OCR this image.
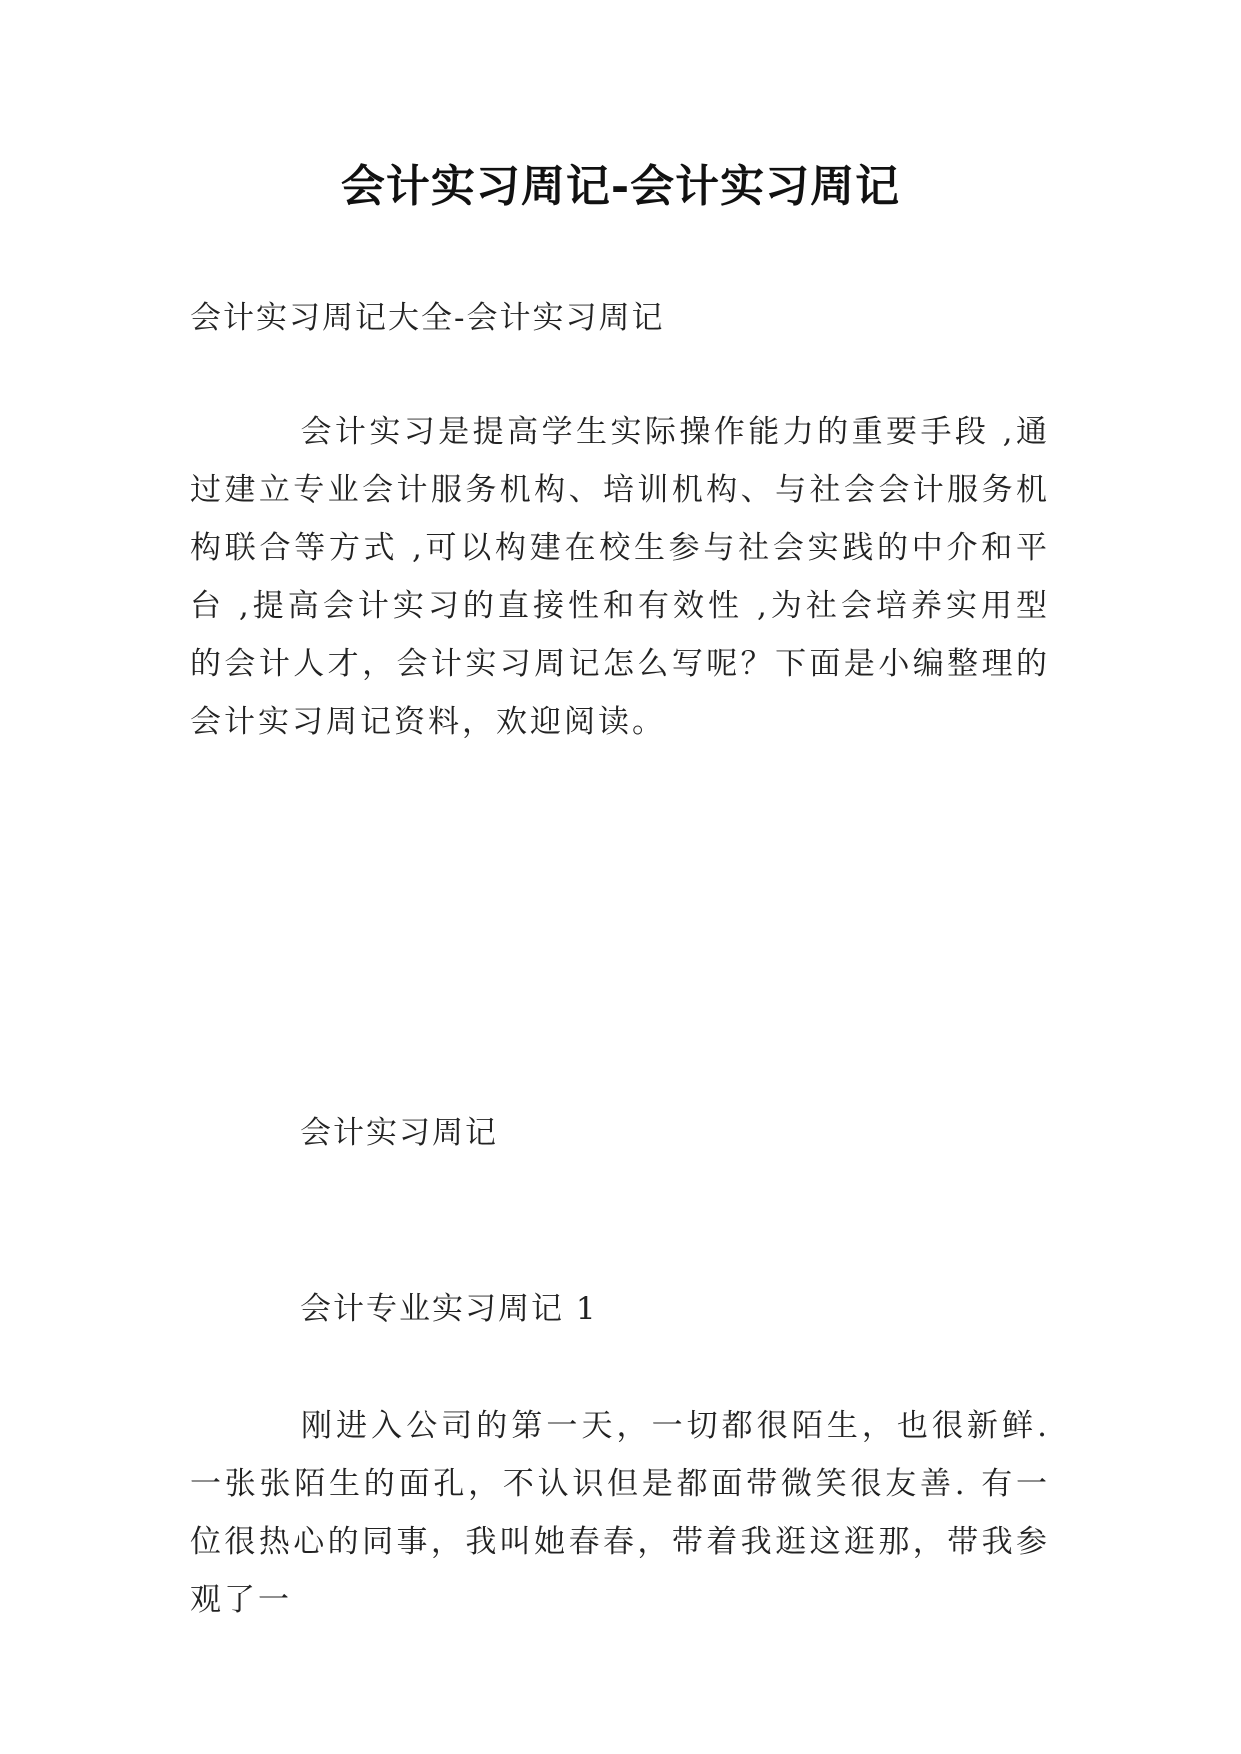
会计实习周记-会计实习周记
会计实习周记大全-会计实习周记
会计实习是提高学生实际操作能力的重要手段 ,通过建立专业会计服务机构、培训机构、与社会会计服务机构联合等方式 ,可以构建在校生参与社会实践的中介和平台 ,提高会计实习的直接性和有效性 ,为社会培养实用型的会计人才，会计实习周记怎么写呢？下面是小编整理的会计实习周记资料，欢迎阅读。
会计实习周记
会计专业实习周记 1
刚进入公司的第一天，一切都很陌生，也很新鲜. 一张张陌生的面孔，不认识但是都面带微笑很友善. 有一位很热心的同事，我叫她春春，带着我逛这逛那，带我参观了一
